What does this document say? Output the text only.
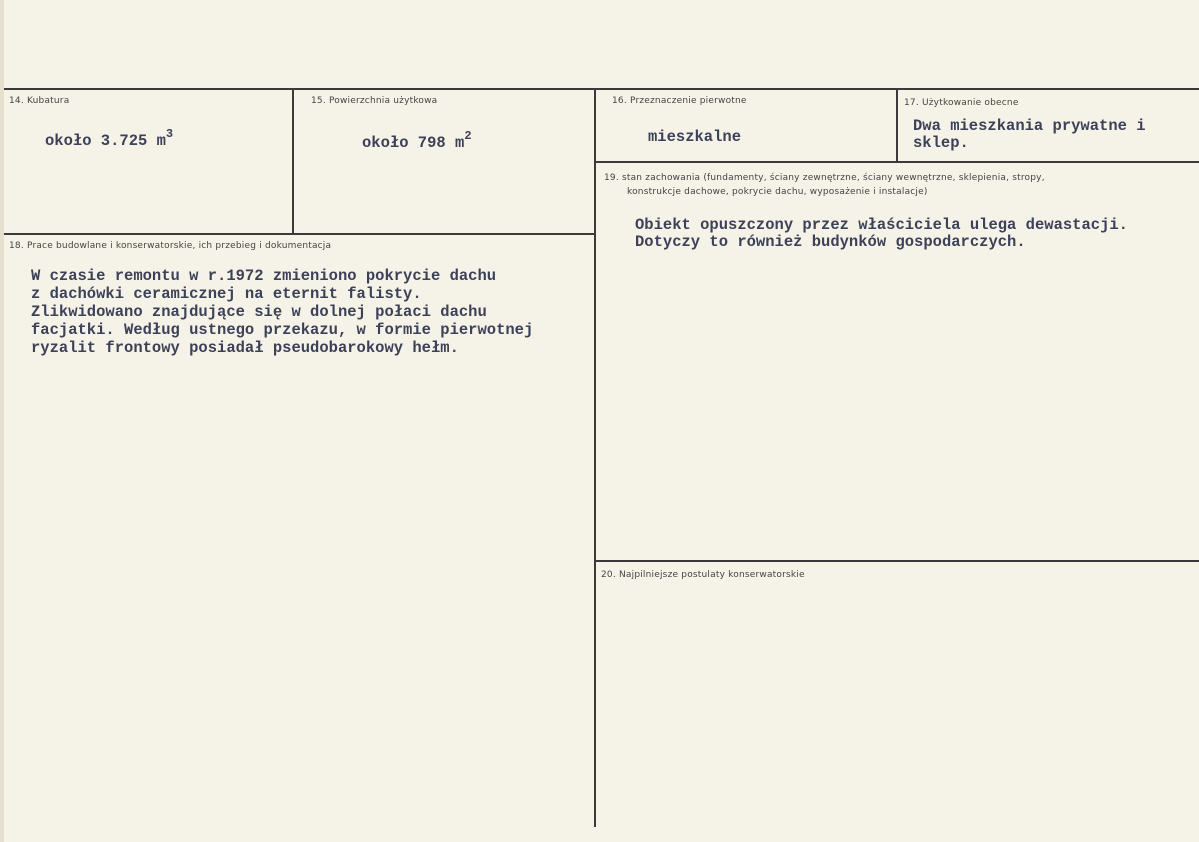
14. Kubatura
około 3.725 $m^3$
15. Powierzchnia użytkowa
około 798 $m^2$
16. Przeznaczenie pierwotne
mieszkalne
17. Użytkowanie obecne
Dwa mieszkania prywatne i
sklep.
18. Prace budowlane i konserwatorskie, ich przebieg i dokumentacja
W czasie remontu w r.1972 zmieniono pokrycie dachu
z dachówki ceramicznej na eternit falisty.
Zlikwidowano znajdujące się w dolnej połaci dachu
facjatki. Według ustnego przekazu, w formie pierwotnej
ryzalit frontowy posiadał pseudobarokowy hełm.
19. stan zachowania (fundamenty, ściany zewnętrzne, ściany wewnętrzne, sklepienia, stropy,
konstrukcje dachowe, pokrycie dachu, wyposażenie i instalacje)
Obiekt opuszczony przez właściciela ulega dewastacji.
Dotyczy to również budynków gospodarczych.
20. Najpilniejsze postulaty konserwatorskie
